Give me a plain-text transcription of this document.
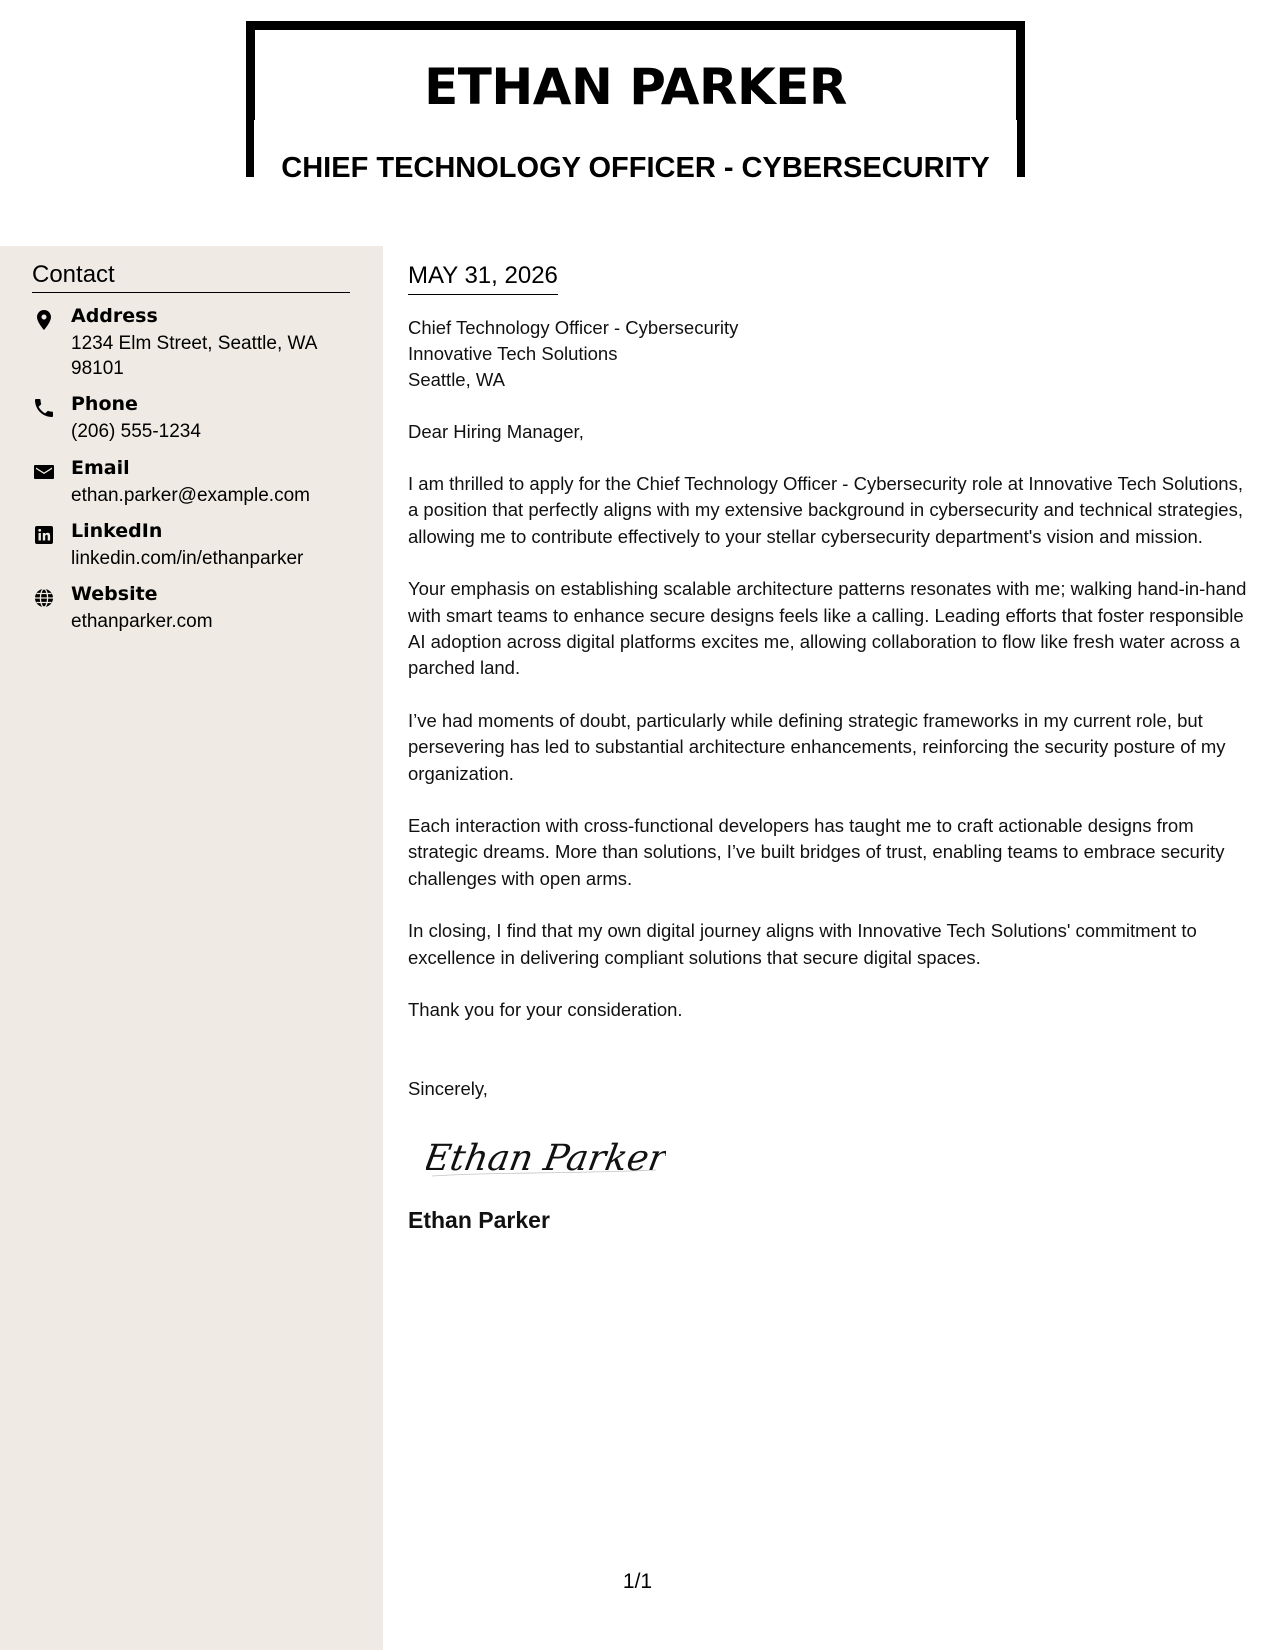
ETHAN PARKER
CHIEF TECHNOLOGY OFFICER - CYBERSECURITY
Contact
Address
1234 Elm Street, Seattle, WA 98101
Phone
(206) 555-1234
Email
ethan.parker@example.com
LinkedIn
linkedin.com/in/ethanparker
Website
ethanparker.com
MAY 31, 2026
Chief Technology Officer - Cybersecurity
Innovative Tech Solutions
Seattle, WA
Dear Hiring Manager,
I am thrilled to apply for the Chief Technology Officer - Cybersecurity role at Innovative Tech Solutions, a position that perfectly aligns with my extensive background in cybersecurity and technical strategies, allowing me to contribute effectively to your stellar cybersecurity department's vision and mission.
Your emphasis on establishing scalable architecture patterns resonates with me; walking hand-in-hand with smart teams to enhance secure designs feels like a calling. Leading efforts that foster responsible AI adoption across digital platforms excites me, allowing collaboration to flow like fresh water across a parched land.
I’ve had moments of doubt, particularly while defining strategic frameworks in my current role, but persevering has led to substantial architecture enhancements, reinforcing the security posture of my organization.
Each interaction with cross-functional developers has taught me to craft actionable designs from strategic dreams. More than solutions, I’ve built bridges of trust, enabling teams to embrace security challenges with open arms.
In closing, I find that my own digital journey aligns with Innovative Tech Solutions' commitment to excellence in delivering compliant solutions that secure digital spaces.
Thank you for your consideration.
Sincerely,
Ethan Parker
Ethan Parker
1/1
